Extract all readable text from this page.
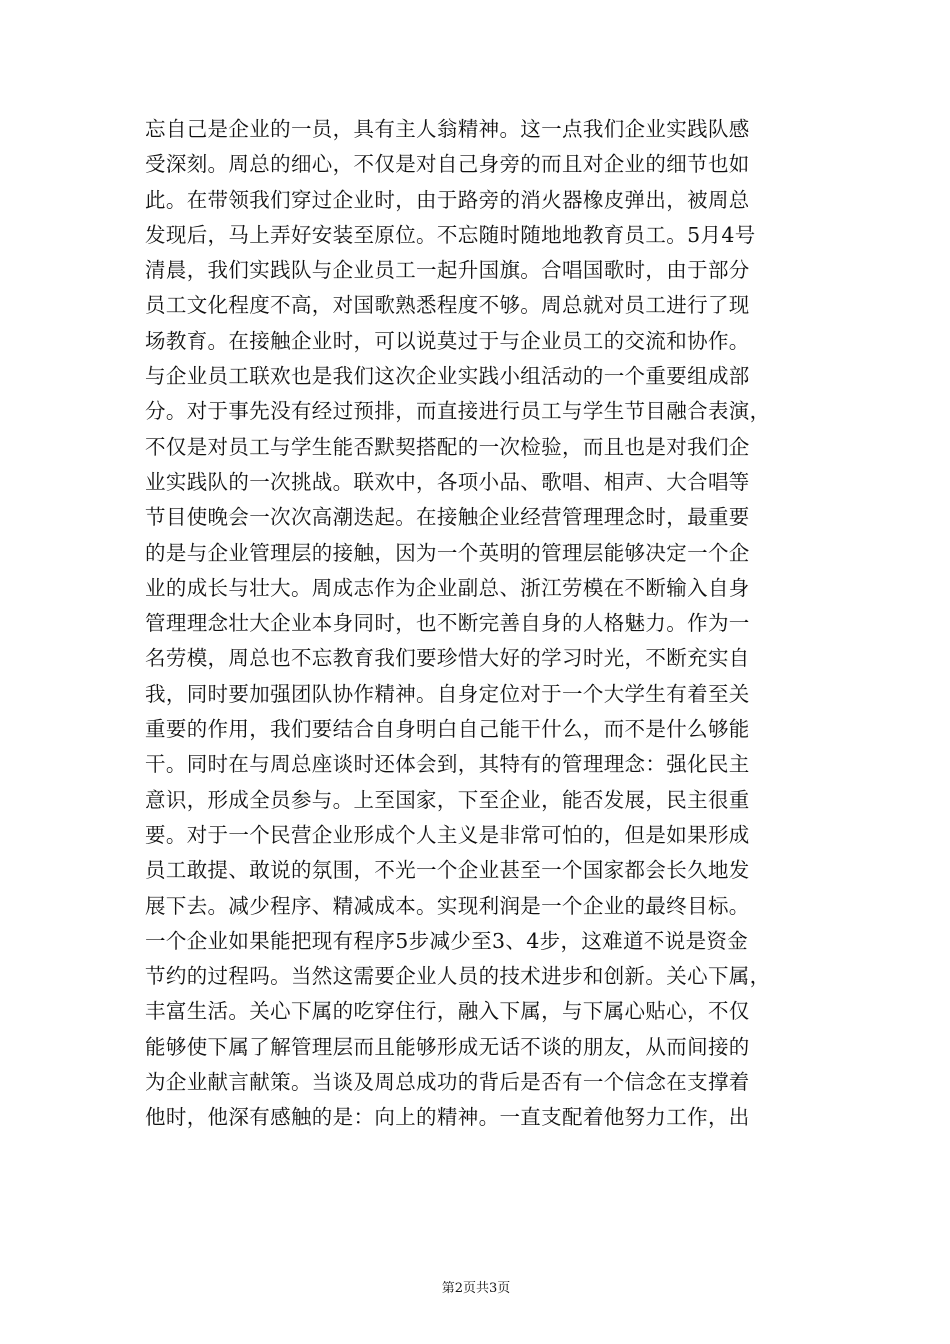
忘自己是企业的一员，具有主人翁精神。这一点我们企业实践队感
受深刻。周总的细心，不仅是对自己身旁的而且对企业的细节也如
此。在带领我们穿过企业时，由于路旁的消火器橡皮弹出，被周总
发现后，马上弄好安装至原位。不忘随时随地地教育员工。5月4号
清晨，我们实践队与企业员工一起升国旗。合唱国歌时，由于部分
员工文化程度不高，对国歌熟悉程度不够。周总就对员工进行了现
场教育。在接触企业时，可以说莫过于与企业员工的交流和协作。
与企业员工联欢也是我们这次企业实践小组活动的一个重要组成部
分。对于事先没有经过预排，而直接进行员工与学生节目融合表演，
不仅是对员工与学生能否默契搭配的一次检验，而且也是对我们企
业实践队的一次挑战。联欢中，各项小品、歌唱、相声、大合唱等
节目使晚会一次次高潮迭起。在接触企业经营管理理念时，最重要
的是与企业管理层的接触，因为一个英明的管理层能够决定一个企
业的成长与壮大。周成志作为企业副总、浙江劳模在不断输入自身
管理理念壮大企业本身同时，也不断完善自身的人格魅力。作为一
名劳模，周总也不忘教育我们要珍惜大好的学习时光，不断充实自
我，同时要加强团队协作精神。自身定位对于一个大学生有着至关
重要的作用，我们要结合自身明白自己能干什么，而不是什么够能
干。同时在与周总座谈时还体会到，其特有的管理理念：强化民主
意识，形成全员参与。上至国家，下至企业，能否发展，民主很重
要。对于一个民营企业形成个人主义是非常可怕的，但是如果形成
员工敢提、敢说的氛围，不光一个企业甚至一个国家都会长久地发
展下去。减少程序、精减成本。实现利润是一个企业的最终目标。
一个企业如果能把现有程序5步减少至3、4步，这难道不说是资金
节约的过程吗。当然这需要企业人员的技术进步和创新。关心下属，
丰富生活。关心下属的吃穿住行，融入下属，与下属心贴心，不仅
能够使下属了解管理层而且能够形成无话不谈的朋友，从而间接的
为企业献言献策。当谈及周总成功的背后是否有一个信念在支撑着
他时，他深有感触的是：向上的精神。一直支配着他努力工作，出
第2页共3页
